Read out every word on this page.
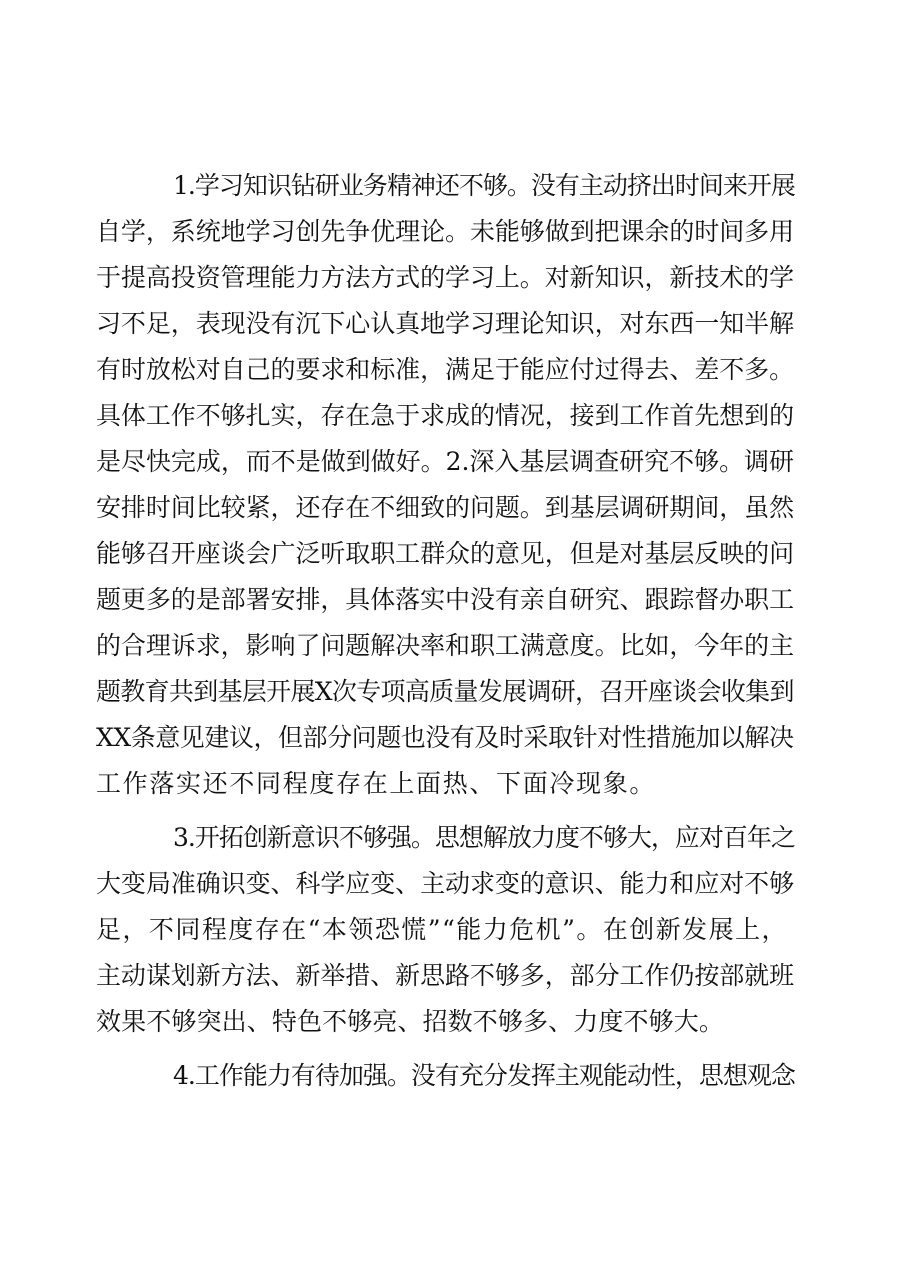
1.学习知识钻研业务精神还不够。没有主动挤出时间来开展
自学，系统地学习创先争优理论。未能够做到把课余的时间多用
于提高投资管理能力方法方式的学习上。对新知识，新技术的学
习不足，表现没有沉下心认真地学习理论知识，对东西一知半解
有时放松对自己的要求和标准，满足于能应付过得去、差不多。
具体工作不够扎实，存在急于求成的情况，接到工作首先想到的
是尽快完成，而不是做到做好。2.深入基层调查研究不够。调研
安排时间比较紧，还存在不细致的问题。到基层调研期间，虽然
能够召开座谈会广泛听取职工群众的意见，但是对基层反映的问
题更多的是部署安排，具体落实中没有亲自研究、跟踪督办职工
的合理诉求，影响了问题解决率和职工满意度。比如，今年的主
题教育共到基层开展X次专项高质量发展调研，召开座谈会收集到
XX条意见建议，但部分问题也没有及时采取针对性措施加以解决
工作落实还不同程度存在上面热、下面冷现象。
3.开拓创新意识不够强。思想解放力度不够大，应对百年之
大变局准确识变、科学应变、主动求变的意识、能力和应对不够
足，不同程度存在“本领恐慌”“能力危机”。在创新发展上，
主动谋划新方法、新举措、新思路不够多，部分工作仍按部就班
效果不够突出、特色不够亮、招数不够多、力度不够大。
4.工作能力有待加强。没有充分发挥主观能动性，思想观念
